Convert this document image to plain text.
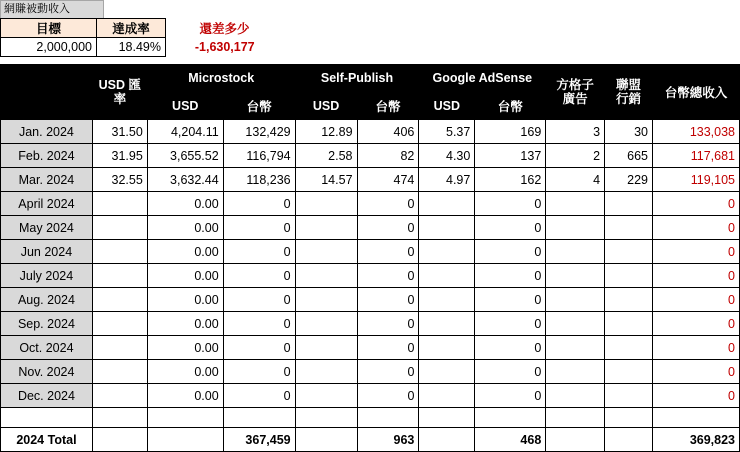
網賺被動收入
目標	達成率	還差多少
2,000,000	18.49%	-1,630,177
	USD 匯率	Microstock		Self-Publish		Google AdSense		方格子 廣告	聯盟 行銷	台幣總收入
		USD	台幣	USD	台幣	USD	台幣			
Jan. 2024	31.50	4,204.11	132,429	12.89	406	5.37	169	3	30	133,038
Feb. 2024	31.95	3,655.52	116,794	2.58	82	4.30	137	2	665	117,681
Mar. 2024	32.55	3,632.44	118,236	14.57	474	4.97	162	4	229	119,105
April 2024		0.00	0		0		0			0
May 2024		0.00	0		0		0			0
Jun 2024		0.00	0		0		0			0
July 2024		0.00	0		0		0			0
Aug. 2024		0.00	0		0		0			0
Sep. 2024		0.00	0		0		0			0
Oct. 2024		0.00	0		0		0			0
Nov. 2024		0.00	0		0		0			0
Dec. 2024		0.00	0		0		0			0

2024 Total			367,459		963		468			369,823
